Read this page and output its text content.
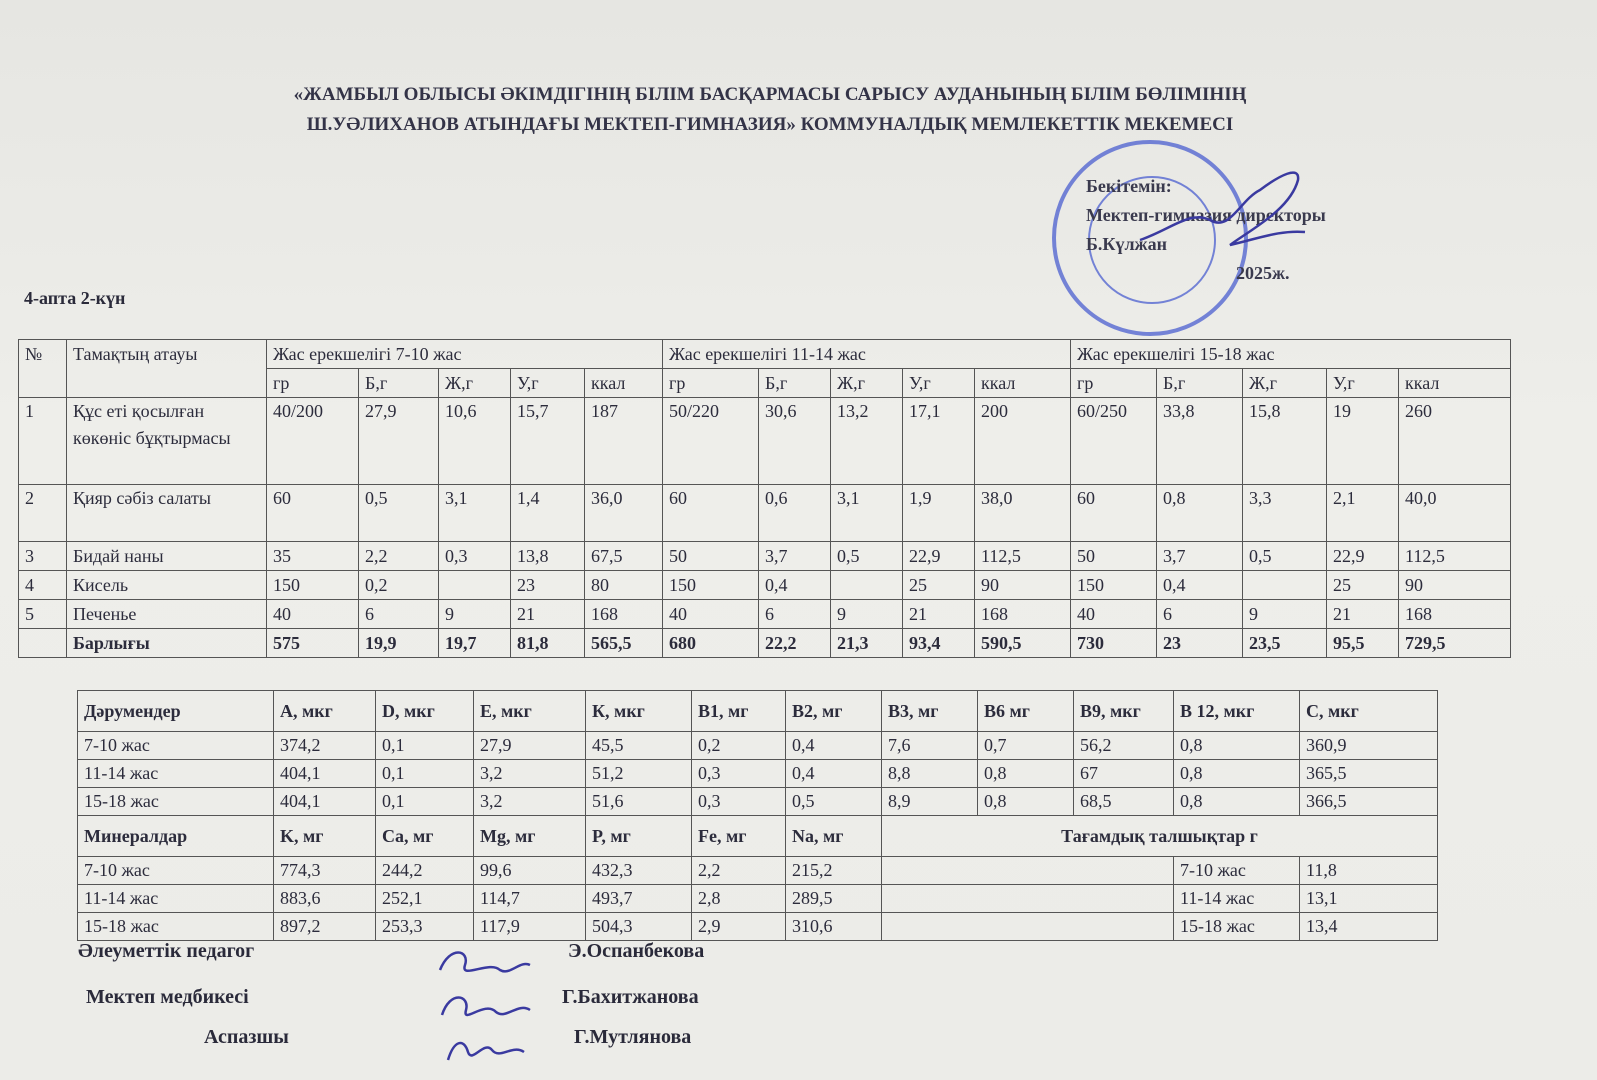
«ЖАМБЫЛ ОБЛЫСЫ ӘКІМДІГІНІҢ БІЛІМ БАСҚАРМАСЫ САРЫСУ АУДАНЫНЫҢ БІЛІМ БӨЛІМІНІҢ
Ш.УӘЛИХАНОВ АТЫНДАҒЫ МЕКТЕП-ГИМНАЗИЯ» КОММУНАЛДЫҚ МЕМЛЕКЕТТІК МЕКЕМЕСІ
Бекітемін:
Мектеп-гимназия директоры
Б.Күлжан
2025ж.
4-апта 2-күн
№	Тамақтың атауы	Жас ерекшелігі 7-10 жас					Жас ерекшелігі 11-14 жас					Жас ерекшелігі 15-18 жас				
		гр	Б,г	Ж,г	У,г	ккал	гр	Б,г	Ж,г	У,г	ккал	гр	Б,г	Ж,г	У,г	ккал
1	Құс еті қосылған көкөніс бұқтырмасы	40/200	27,9	10,6	15,7	187	50/220	30,6	13,2	17,1	200	60/250	33,8	15,8	19	260
2	Қияр сәбіз салаты	60	0,5	3,1	1,4	36,0	60	0,6	3,1	1,9	38,0	60	0,8	3,3	2,1	40,0
3	Бидай наны	35	2,2	0,3	13,8	67,5	50	3,7	0,5	22,9	112,5	50	3,7	0,5	22,9	112,5
4	Кисель	150	0,2		23	80	150	0,4		25	90	150	0,4		25	90
5	Печенье	40	6	9	21	168	40	6	9	21	168	40	6	9	21	168
	Барлығы	575	19,9	19,7	81,8	565,5	680	22,2	21,3	93,4	590,5	730	23	23,5	95,5	729,5
Дәрумендер	А, мкг	D, мкг	Е, мкг	К, мкг	В1, мг	В2, мг	В3, мг	В6 мг	В9, мкг	В 12, мкг	С, мкг
7-10 жас	374,2	0,1	27,9	45,5	0,2	0,4	7,6	0,7	56,2	0,8	360,9
11-14 жас	404,1	0,1	3,2	51,2	0,3	0,4	8,8	0,8	67	0,8	365,5
15-18 жас	404,1	0,1	3,2	51,6	0,3	0,5	8,9	0,8	68,5	0,8	366,5
Минералдар	K, мг	Ca, мг	Mg, мг	P, мг	Fe, мг	Na, мг	Тағамдық талшықтар г				
7-10 жас	774,3	244,2	99,6	432,3	2,2	215,2				7-10 жас	11,8
11-14 жас	883,6	252,1	114,7	493,7	2,8	289,5				11-14 жас	13,1
15-18 жас	897,2	253,3	117,9	504,3	2,9	310,6				15-18 жас	13,4
Әлеуметтік педагог	Э.Оспанбекова
Мектеп медбикесі	Г.Бахитжанова
Аспазшы	Г.Мутлянова
